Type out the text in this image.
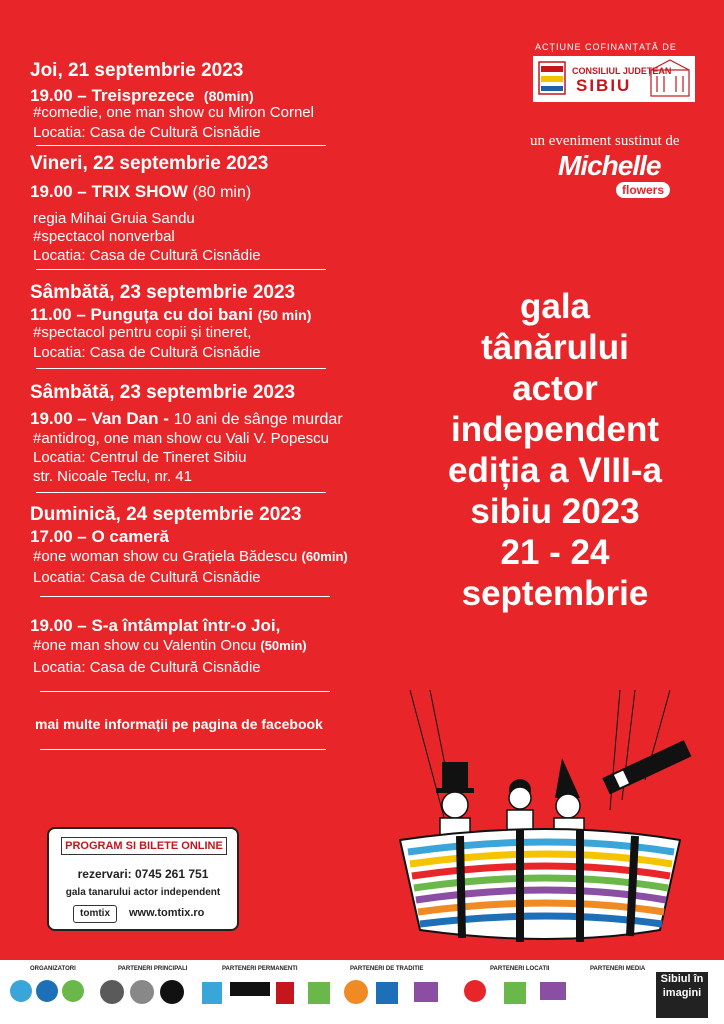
Joi, 21 septembrie 2023
19.00 – Treisprezece (80min)
#comedie, one man show cu Miron Cornel
Locatia: Casa de Cultură Cisnădie
Vineri, 22 septembrie 2023
19.00 – TRIX SHOW (80 min)
regia Mihai Gruia Sandu
#spectacol nonverbal
Locatia: Casa de Cultură Cisnădie
Sâmbătă, 23 septembrie 2023
11.00 – Punguța cu doi bani (50 min)
#spectacol pentru copii și tineret,
Locatia: Casa de Cultură Cisnădie
Sâmbătă, 23 septembrie 2023
19.00 – Van Dan - 10 ani de sânge murdar
#antidrog, one man show cu Vali V. Popescu
Locatia: Centrul de Tineret Sibiu
str. Nicoale Teclu, nr. 41
Duminică, 24 septembrie 2023
17.00 – O cameră
#one woman show cu Grațiela Bădescu (60min)
Locatia: Casa de Cultură Cisnădie
19.00 – S-a întâmplat într-o Joi,
#one man show cu Valentin Oncu (50min)
Locatia: Casa de Cultură Cisnădie
mai multe informații pe pagina de facebook
ACȚIUNE COFINANȚATĂ DE
CONSILIUL JUDEȚEAN
SIBIU
un eveniment sustinut de
Michelle
flowers
gala
tânărului
actor
independent
ediția a VIII-a
sibiu 2023
21 - 24
septembrie
PROGRAM SI BILETE ONLINE
rezervari: 0745 261 751
gala tanarului actor independent
tomtix	www.tomtix.ro
ORGANIZATORI	PARTENERI PRINCIPALI	PARTENERI PERMANENTI	PARTENERI DE TRADITIE	PARTENERI LOCATII	PARTENERI MEDIA
Sibiul în imagini
